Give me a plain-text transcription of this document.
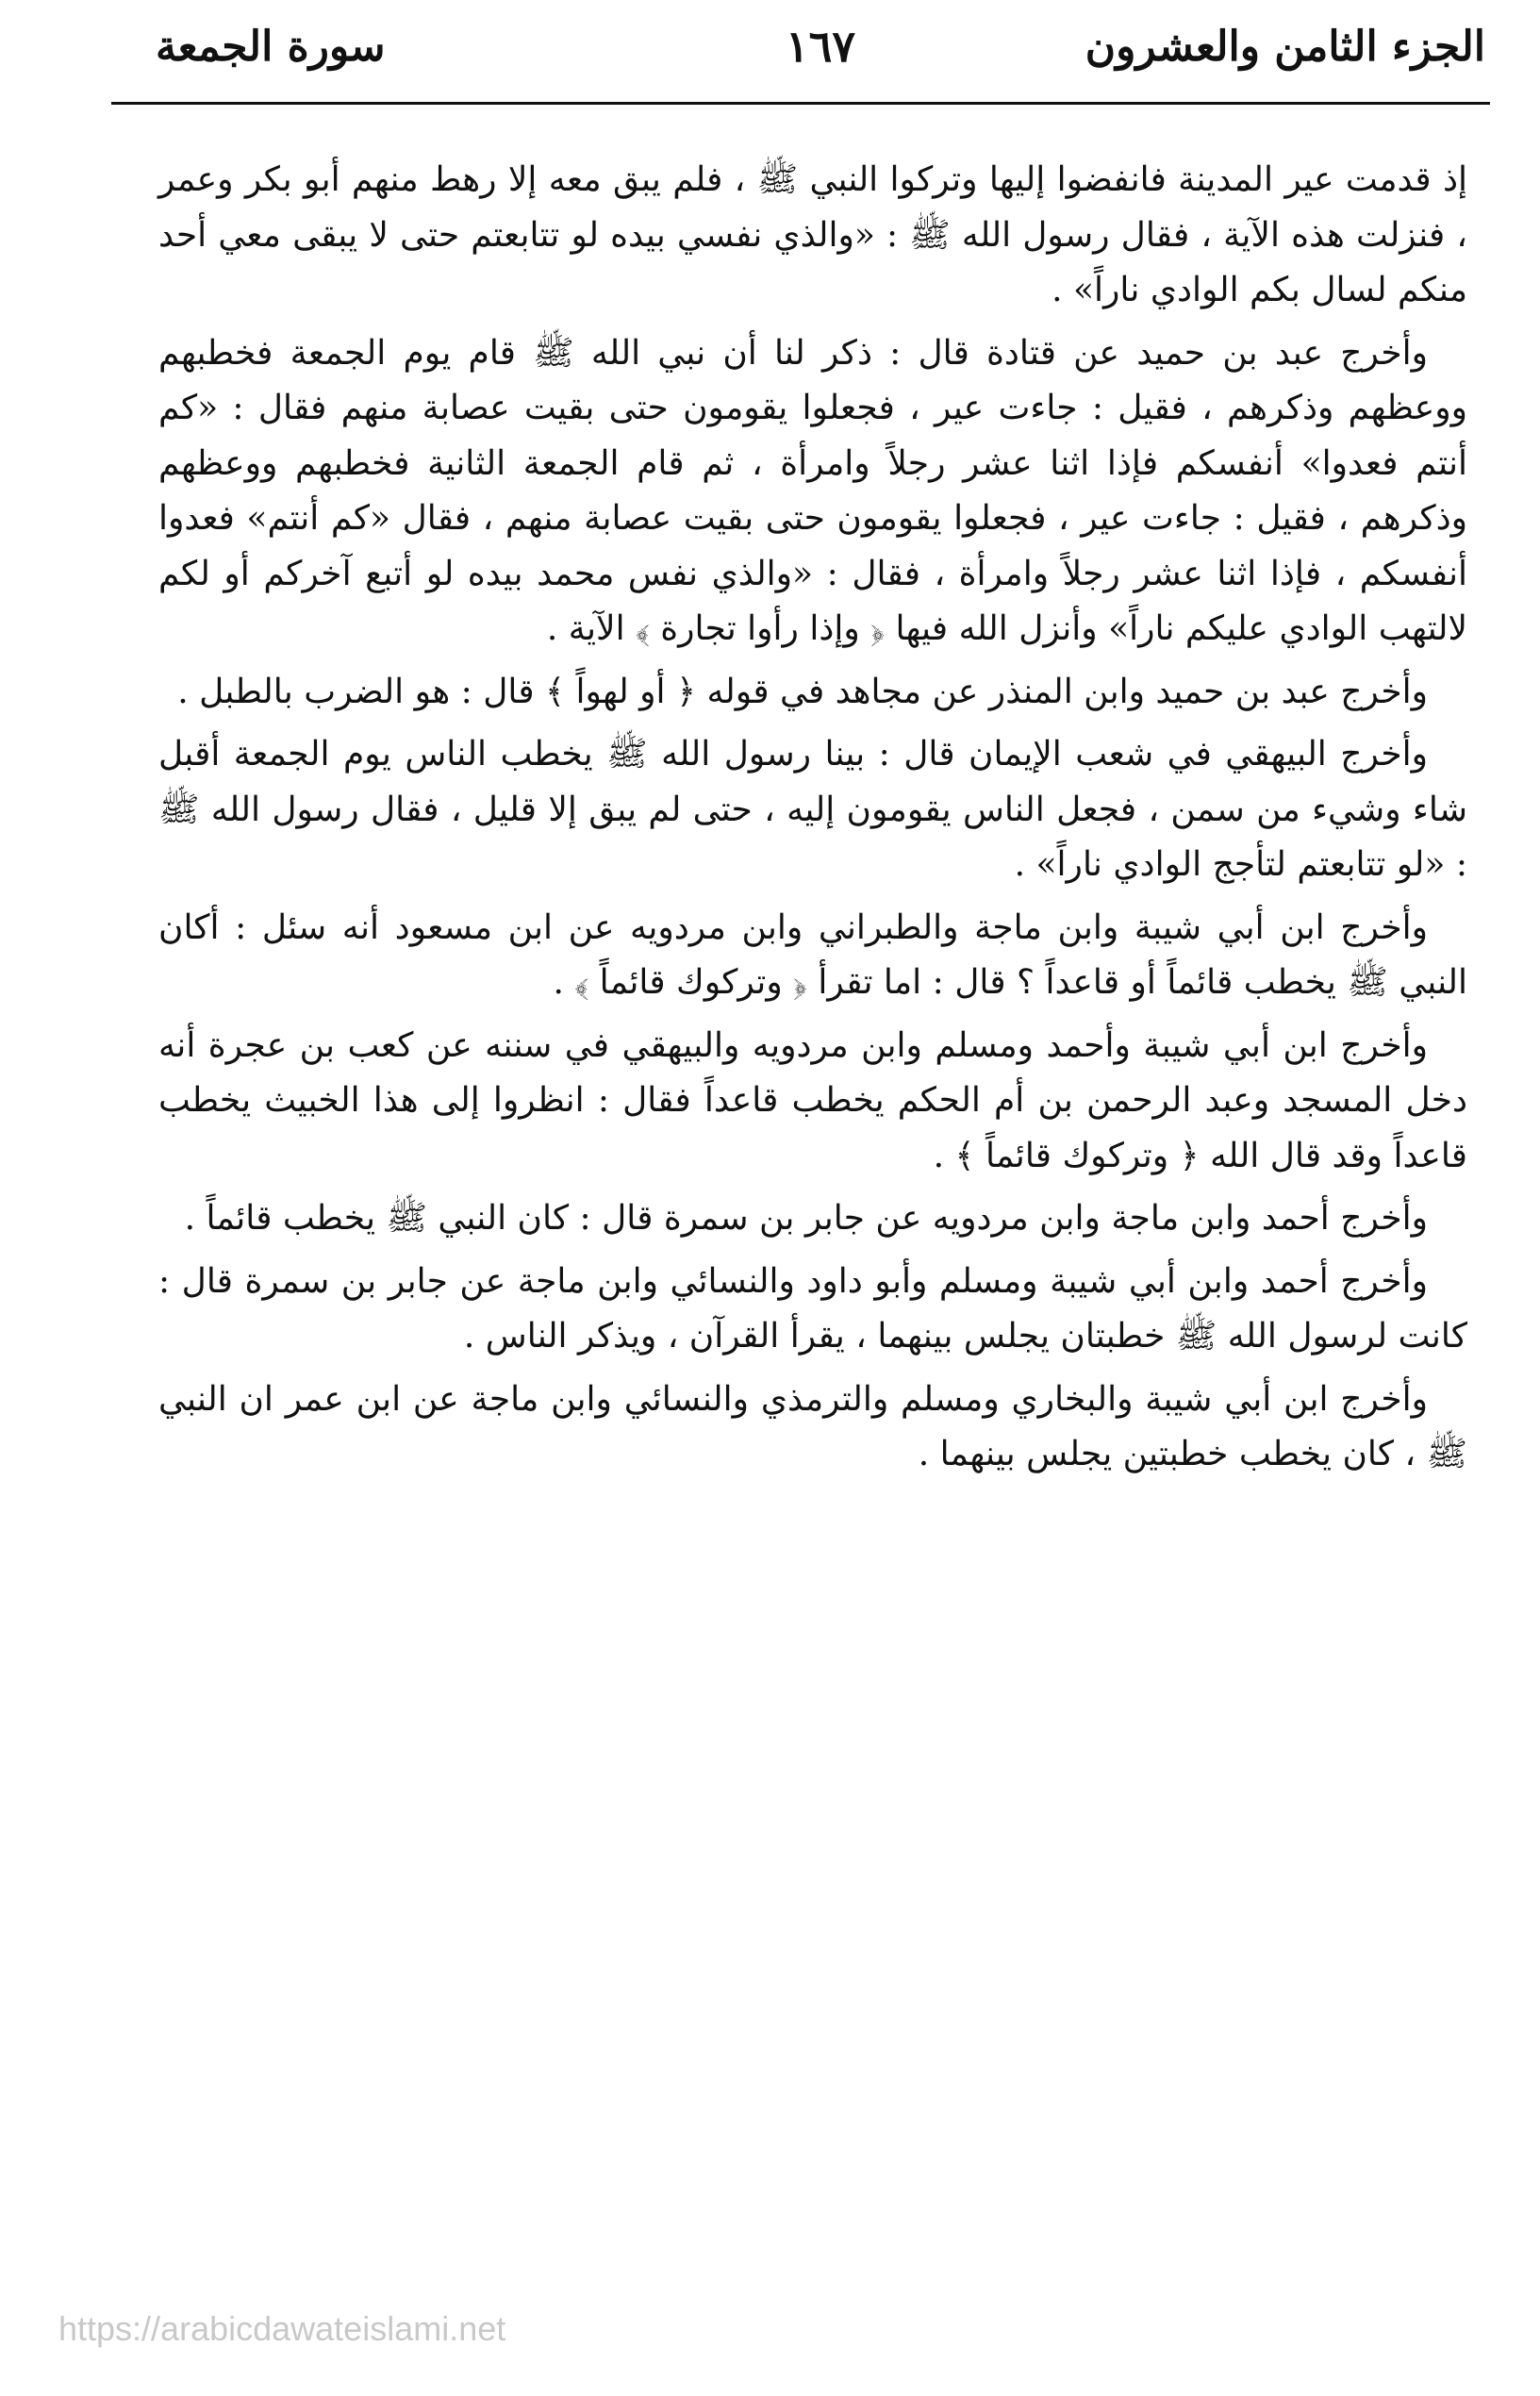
الجزء الثامن والعشرون
١٦٧
سورة الجمعة

إذ قدمت عير المدينة فانفضوا إليها وتركوا النبي ﷺ ، فلم يبق معه إلا رهط منهم أبو بكر وعمر ، فنزلت هذه الآية ، فقال رسول الله ﷺ : «والذي نفسي بيده لو تتابعتم حتى لا يبقى معي أحد منكم لسال بكم الوادي ناراً» .

وأخرج عبد بن حميد عن قتادة قال : ذكر لنا أن نبي الله ﷺ قام يوم الجمعة فخطبهم ووعظهم وذكرهم ، فقيل : جاءت عير ، فجعلوا يقومون حتى بقيت عصابة منهم فقال : «كم أنتم فعدوا» أنفسكم فإذا اثنا عشر رجلاً وامرأة ، ثم قام الجمعة الثانية فخطبهم ووعظهم وذكرهم ، فقيل : جاءت عير ، فجعلوا يقومون حتى بقيت عصابة منهم ، فقال «كم أنتم» فعدوا أنفسكم ، فإذا اثنا عشر رجلاً وامرأة ، فقال : «والذي نفس محمد بيده لو أتبع آخركم أو لكم لالتهب الوادي عليكم ناراً» وأنزل الله فيها ﴿ وإذا رأوا تجارة ﴾ الآية .

وأخرج عبد بن حميد وابن المنذر عن مجاهد في قوله ﴿ أو لهواً ﴾ قال : هو الضرب بالطبل .

وأخرج البيهقي في شعب الإيمان قال : بينا رسول الله ﷺ يخطب الناس يوم الجمعة أقبل شاء وشيء من سمن ، فجعل الناس يقومون إليه ، حتى لم يبق إلا قليل ، فقال رسول الله ﷺ : «لو تتابعتم لتأجج الوادي ناراً» .

وأخرج ابن أبي شيبة وابن ماجة والطبراني وابن مردويه عن ابن مسعود أنه سئل : أكان النبي ﷺ يخطب قائماً أو قاعداً ؟ قال : اما تقرأ ﴿ وتركوك قائماً ﴾ .

وأخرج ابن أبي شيبة وأحمد ومسلم وابن مردويه والبيهقي في سننه عن كعب بن عجرة أنه دخل المسجد وعبد الرحمن بن أم الحكم يخطب قاعداً فقال : انظروا إلى هذا الخبيث يخطب قاعداً وقد قال الله ﴿ وتركوك قائماً ﴾ .

وأخرج أحمد وابن ماجة وابن مردويه عن جابر بن سمرة قال : كان النبي ﷺ يخطب قائماً .

وأخرج أحمد وابن أبي شيبة ومسلم وأبو داود والنسائي وابن ماجة عن جابر بن سمرة قال : كانت لرسول الله ﷺ خطبتان يجلس بينهما ، يقرأ القرآن ، ويذكر الناس .

وأخرج ابن أبي شيبة والبخاري ومسلم والترمذي والنسائي وابن ماجة عن ابن عمر ان النبي ﷺ ، كان يخطب خطبتين يجلس بينهما .

https://arabicdawateislami.net
